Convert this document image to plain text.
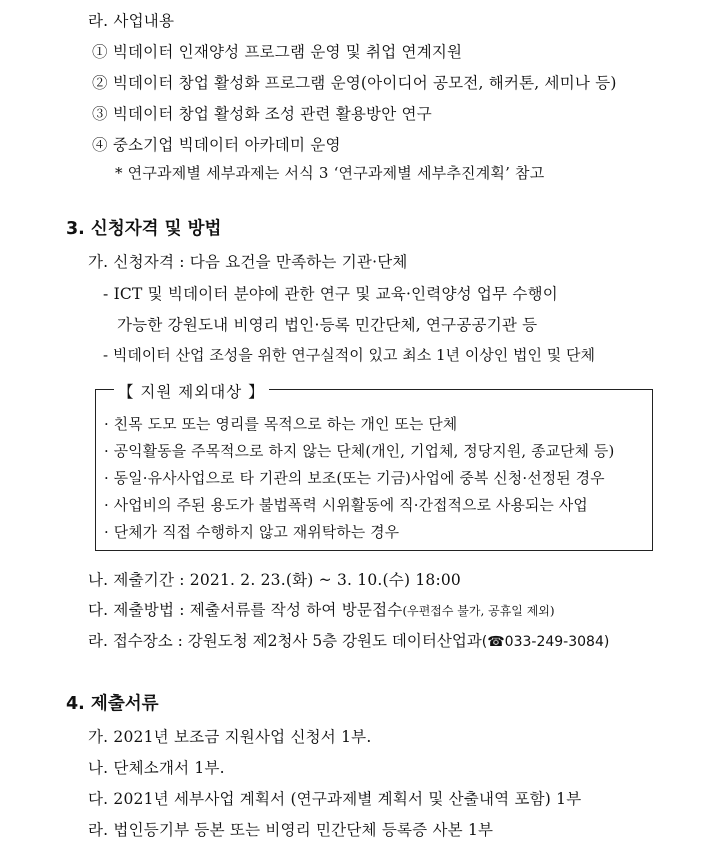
라. 사업내용
① 빅데이터 인재양성 프로그램 운영 및 취업 연계지원
② 빅데이터 창업 활성화 프로그램 운영(아이디어 공모전, 해커톤, 세미나 등)
③ 빅데이터 창업 활성화 조성 관련 활용방안 연구
④ 중소기업 빅데이터 아카데미 운영
* 연구과제별 세부과제는 서식 3 ‘연구과제별 세부추진계획’ 참고
3. 신청자격 및 방법
가. 신청자격 : 다음 요건을 만족하는 기관·단체
- ICT 및 빅데이터 분야에 관한 연구 및 교육·인력양성 업무 수행이
가능한 강원도내 비영리 법인·등록 민간단체, 연구공공기관 등
- 빅데이터 산업 조성을 위한 연구실적이 있고 최소 1년 이상인 법인 및 단체
【 지원 제외대상 】
· 친목 도모 또는 영리를 목적으로 하는 개인 또는 단체
· 공익활동을 주목적으로 하지 않는 단체(개인, 기업체, 정당지원, 종교단체 등)
· 동일·유사사업으로 타 기관의 보조(또는 기금)사업에 중복 신청·선정된 경우
· 사업비의 주된 용도가 불법폭력 시위활동에 직·간접적으로 사용되는 사업
· 단체가 직접 수행하지 않고 재위탁하는 경우
나. 제출기간 : 2021. 2. 23.(화) ~ 3. 10.(수) 18:00
다. 제출방법 : 제출서류를 작성 하여 방문접수(우편접수 불가, 공휴일 제외)
라. 접수장소 : 강원도청 제2청사 5층 강원도 데이터산업과(☎033-249-3084)
4. 제출서류
가. 2021년 보조금 지원사업 신청서 1부.
나. 단체소개서 1부.
다. 2021년 세부사업 계획서 (연구과제별 계획서 및 산출내역 포함) 1부
라. 법인등기부 등본 또는 비영리 민간단체 등록증 사본 1부
